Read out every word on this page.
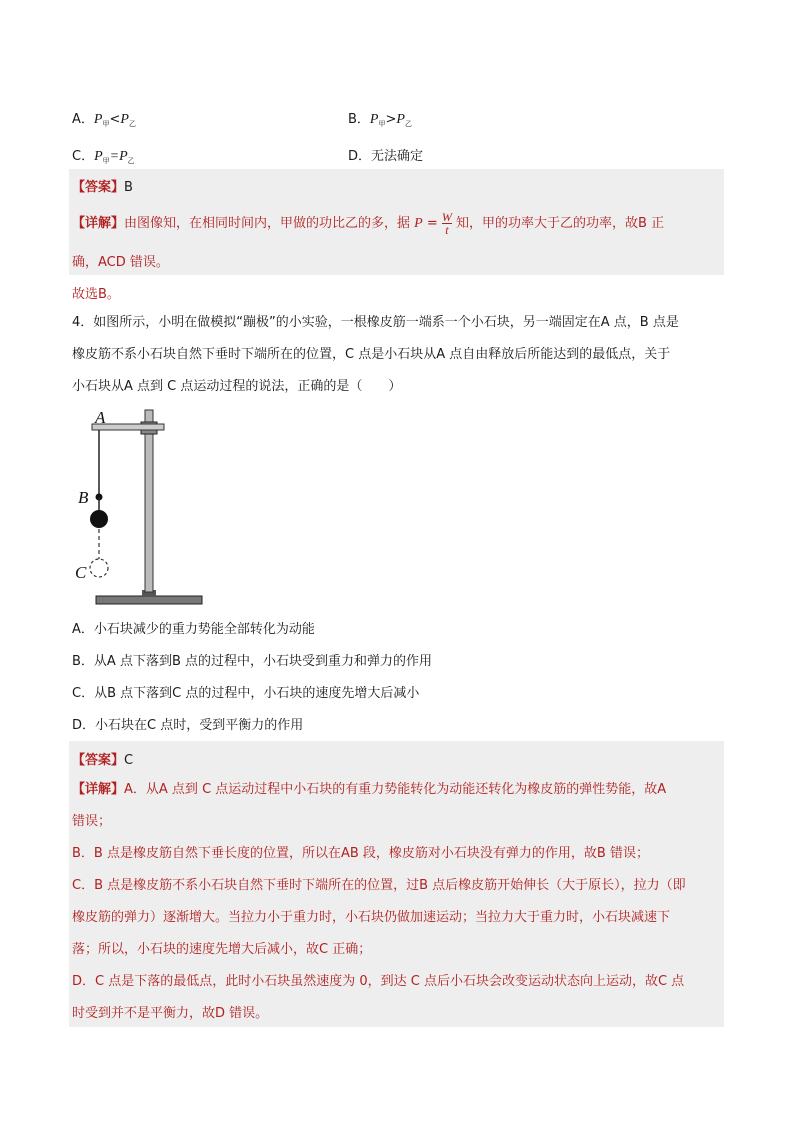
A．$P_甲<P_乙$	B．$P_甲>P_乙$
C．$P_甲=P_乙$	D．无法确定
【答案】B
【详解】由图像知，在相同时间内，甲做的功比乙的多，据 $P = \frac{W}{t}$ 知，甲的功率大于乙的功率，故B 正
确，ACD 错误。
故选B。
4．如图所示，小明在做模拟“蹦极”的小实验，一根橡皮筋一端系一个小石块，另一端固定在A 点，B 点是
橡皮筋不系小石块自然下垂时下端所在的位置，C 点是小石块从A 点自由释放后所能达到的最低点，关于
小石块从A 点到 C 点运动过程的说法，正确的是（　　）
A
B
C
A．小石块减少的重力势能全部转化为动能
B．从A 点下落到B 点的过程中，小石块受到重力和弹力的作用
C．从B 点下落到C 点的过程中，小石块的速度先增大后减小
D．小石块在C 点时，受到平衡力的作用
【答案】C
【详解】A．从A 点到 C 点运动过程中小石块的有重力势能转化为动能还转化为橡皮筋的弹性势能，故A
错误；
B．B 点是橡皮筋自然下垂长度的位置，所以在AB 段，橡皮筋对小石块没有弹力的作用，故B 错误；
C．B 点是橡皮筋不系小石块自然下垂时下端所在的位置，过B 点后橡皮筋开始伸长（大于原长），拉力（即
橡皮筋的弹力）逐渐增大。当拉力小于重力时，小石块仍做加速运动；当拉力大于重力时，小石块减速下
落；所以，小石块的速度先增大后减小，故C 正确；
D．C 点是下落的最低点，此时小石块虽然速度为 0，到达 C 点后小石块会改变运动状态向上运动，故C 点
时受到并不是平衡力，故D 错误。
